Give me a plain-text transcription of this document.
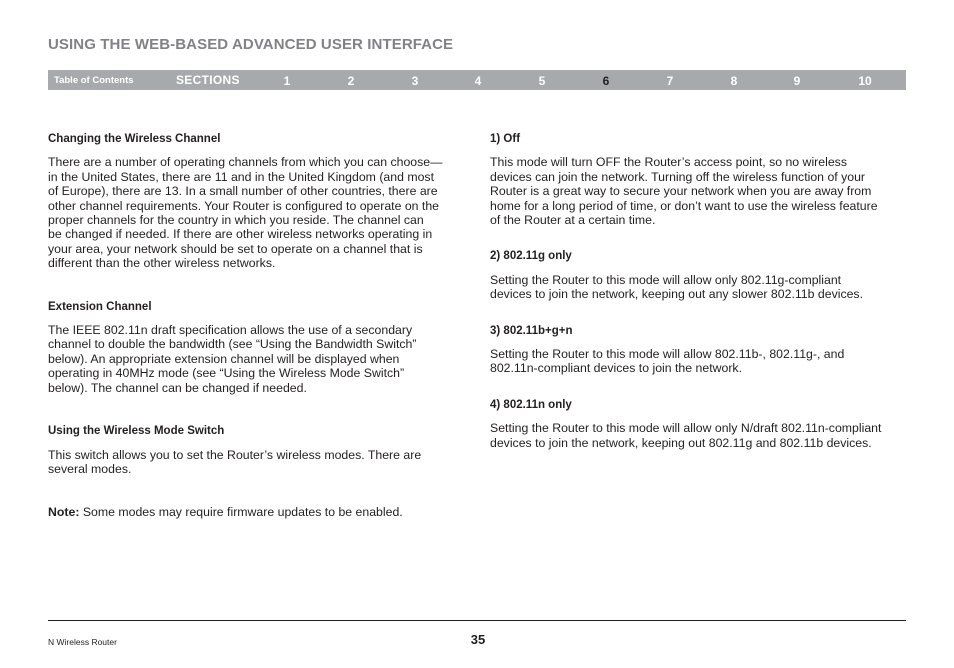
USING THE WEB-BASED ADVANCED USER INTERFACE
Table of Contents	SECTIONS	1	2	3	4	5	6	7	8	9	10
Changing the Wireless Channel
There are a number of operating channels from which you can choose—
in the United States, there are 11 and in the United Kingdom (and most
of Europe), there are 13. In a small number of other countries, there are
other channel requirements. Your Router is configured to operate on the
proper channels for the country in which you reside. The channel can
be changed if needed. If there are other wireless networks operating in
your area, your network should be set to operate on a channel that is
different than the other wireless networks.
Extension Channel
The IEEE 802.11n draft specification allows the use of a secondary
channel to double the bandwidth (see “Using the Bandwidth Switch”
below). An appropriate extension channel will be displayed when
operating in 40MHz mode (see “Using the Wireless Mode Switch”
below). The channel can be changed if needed.
Using the Wireless Mode Switch
This switch allows you to set the Router’s wireless modes. There are
several modes.
Note: Some modes may require firmware updates to be enabled.
1) Off
This mode will turn OFF the Router’s access point, so no wireless
devices can join the network. Turning off the wireless function of your
Router is a great way to secure your network when you are away from
home for a long period of time, or don’t want to use the wireless feature
of the Router at a certain time.
2) 802.11g only
Setting the Router to this mode will allow only 802.11g-compliant
devices to join the network, keeping out any slower 802.11b devices.
3) 802.11b+g+n
Setting the Router to this mode will allow 802.11b-, 802.11g-, and
802.11n-compliant devices to join the network.
4) 802.11n only
Setting the Router to this mode will allow only N/draft 802.11n-compliant
devices to join the network, keeping out 802.11g and 802.11b devices.
N Wireless Router	35
